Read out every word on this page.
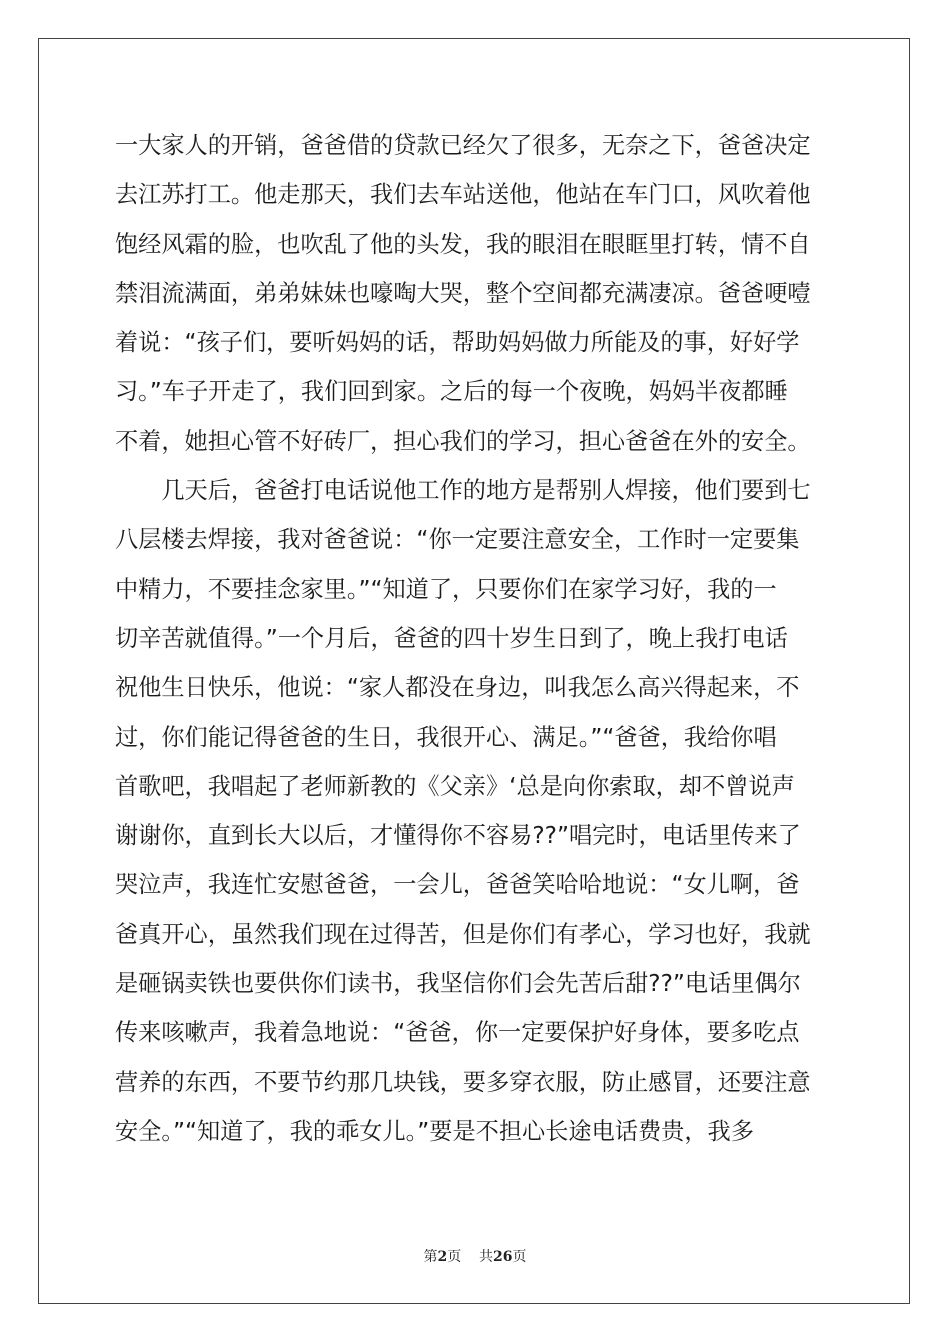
一大家人的开销，爸爸借的贷款已经欠了很多，无奈之下，爸爸决定
去江苏打工。他走那天，我们去车站送他，他站在车门口，风吹着他
饱经风霜的脸，也吹乱了他的头发，我的眼泪在眼眶里打转，情不自
禁泪流满面，弟弟妹妹也嚎啕大哭，整个空间都充满凄凉。爸爸哽噎
着说：“孩子们，要听妈妈的话，帮助妈妈做力所能及的事，好好学
习。”车子开走了，我们回到家。之后的每一个夜晚，妈妈半夜都睡
不着，她担心管不好砖厂，担心我们的学习，担心爸爸在外的安全。
　　几天后，爸爸打电话说他工作的地方是帮别人焊接，他们要到七
八层楼去焊接，我对爸爸说：“你一定要注意安全，工作时一定要集
中精力，不要挂念家里。”“知道了，只要你们在家学习好，我的一
切辛苦就值得。”一个月后，爸爸的四十岁生日到了，晚上我打电话
祝他生日快乐，他说：“家人都没在身边，叫我怎么高兴得起来，不
过，你们能记得爸爸的生日，我很开心、满足。”“爸爸，我给你唱
首歌吧，我唱起了老师新教的《父亲》‘总是向你索取，却不曾说声
谢谢你，直到长大以后，才懂得你不容易??”唱完时，电话里传来了
哭泣声，我连忙安慰爸爸，一会儿，爸爸笑哈哈地说：“女儿啊，爸
爸真开心，虽然我们现在过得苦，但是你们有孝心，学习也好，我就
是砸锅卖铁也要供你们读书，我坚信你们会先苦后甜??”电话里偶尔
传来咳嗽声，我着急地说：“爸爸，你一定要保护好身体，要多吃点
营养的东西，不要节约那几块钱，要多穿衣服，防止感冒，还要注意
安全。”“知道了，我的乖女儿。”要是不担心长途电话费贵，我多
第2页 共26页
